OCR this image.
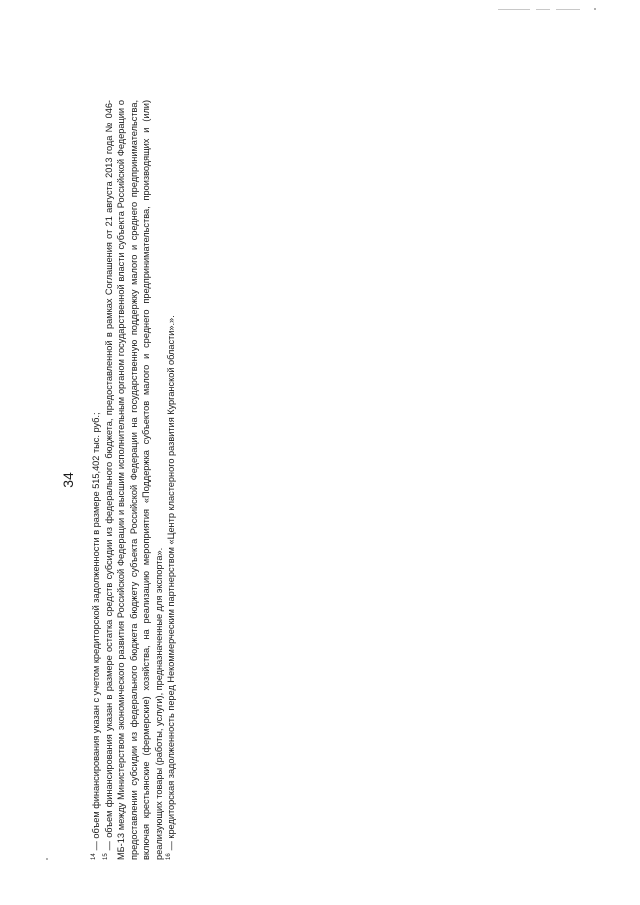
34

$^{14}$— объем финансирования указан с учетом кредиторской задолженности в размере 515,402 тыс. руб.;

$^{15}$— объем финансирования указан в размере остатка средств субсидии из федерального бюджета, предоставленной в рамках Соглашения от 21 августа 2013 года № 046-МБ-13 между Министерством экономического развития Российской Федерации и высшим исполнительным органом государственной власти субъекта Российской Федерации о предоставлении субсидии из федерального бюджета бюджету субъекта Российской Федерации на государственную поддержку малого и среднего предпринимательства, включая крестьянские (фермерские) хозяйства, на реализацию мероприятия «Поддержка субъектов малого и среднего предпринимательства, производящих и (или) реализующих товары (работы, услуги), предназначенные для экспорта». $^{16}$— кредиторская задолженность перед Некоммерческим партнерством «Центр кластерного развития Курганской области».».
